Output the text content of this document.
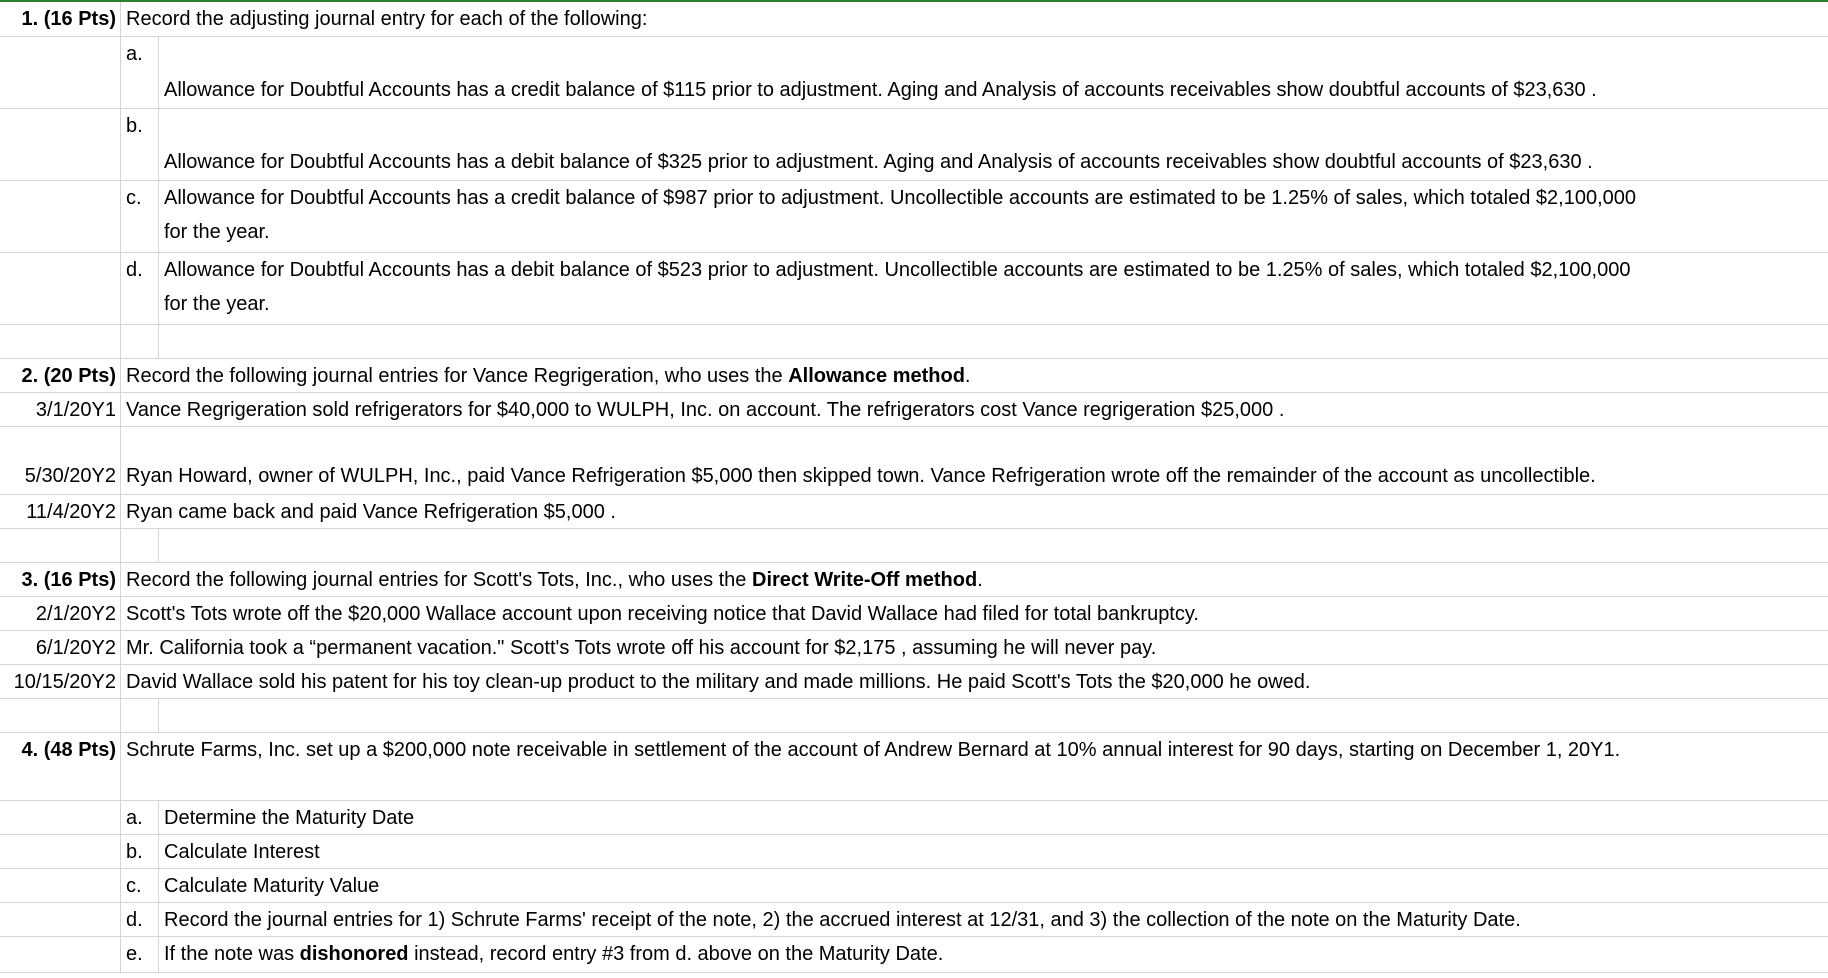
1. (16 Pts) Record the adjusting journal entry for each of the following:
a.
Allowance for Doubtful Accounts has a credit balance of $115 prior to adjustment. Aging and Analysis of accounts receivables show doubtful accounts of $23,630 .
b.
Allowance for Doubtful Accounts has a debit balance of $325 prior to adjustment. Aging and Analysis of accounts receivables show doubtful accounts of $23,630 .
c.	Allowance for Doubtful Accounts has a credit balance of $987 prior to adjustment. Uncollectible accounts are estimated to be 1.25% of sales, which totaled $2,100,000
for the year.
d.	Allowance for Doubtful Accounts has a debit balance of $523 prior to adjustment. Uncollectible accounts are estimated to be 1.25% of sales, which totaled $2,100,000
for the year.
2. (20 Pts) Record the following journal entries for Vance Regrigeration, who uses the Allowance method.
3/1/20Y1 Vance Regrigeration sold refrigerators for $40,000 to WULPH, Inc. on account. The refrigerators cost Vance regrigeration $25,000 .
5/30/20Y2 Ryan Howard, owner of WULPH, Inc., paid Vance Refrigeration $5,000 then skipped town. Vance Refrigeration wrote off the remainder of the account as uncollectible.
11/4/20Y2 Ryan came back and paid Vance Refrigeration $5,000 .
3. (16 Pts) Record the following journal entries for Scott's Tots, Inc., who uses the Direct Write-Off method.
2/1/20Y2 Scott's Tots wrote off the $20,000 Wallace account upon receiving notice that David Wallace had filed for total bankruptcy.
6/1/20Y2 Mr. California took a “permanent vacation." Scott's Tots wrote off his account for $2,175 , assuming he will never pay.
10/15/20Y2 David Wallace sold his patent for his toy clean-up product to the military and made millions. He paid Scott's Tots the $20,000 he owed.
4. (48 Pts) Schrute Farms, Inc. set up a $200,000 note receivable in settlement of the account of Andrew Bernard at 10% annual interest for 90 days, starting on December 1, 20Y1.
a.	Determine the Maturity Date
b.	Calculate Interest
c.	Calculate Maturity Value
d.	Record the journal entries for 1) Schrute Farms' receipt of the note, 2) the accrued interest at 12/31, and 3) the collection of the note on the Maturity Date.
e.	If the note was dishonored instead, record entry #3 from d. above on the Maturity Date.
